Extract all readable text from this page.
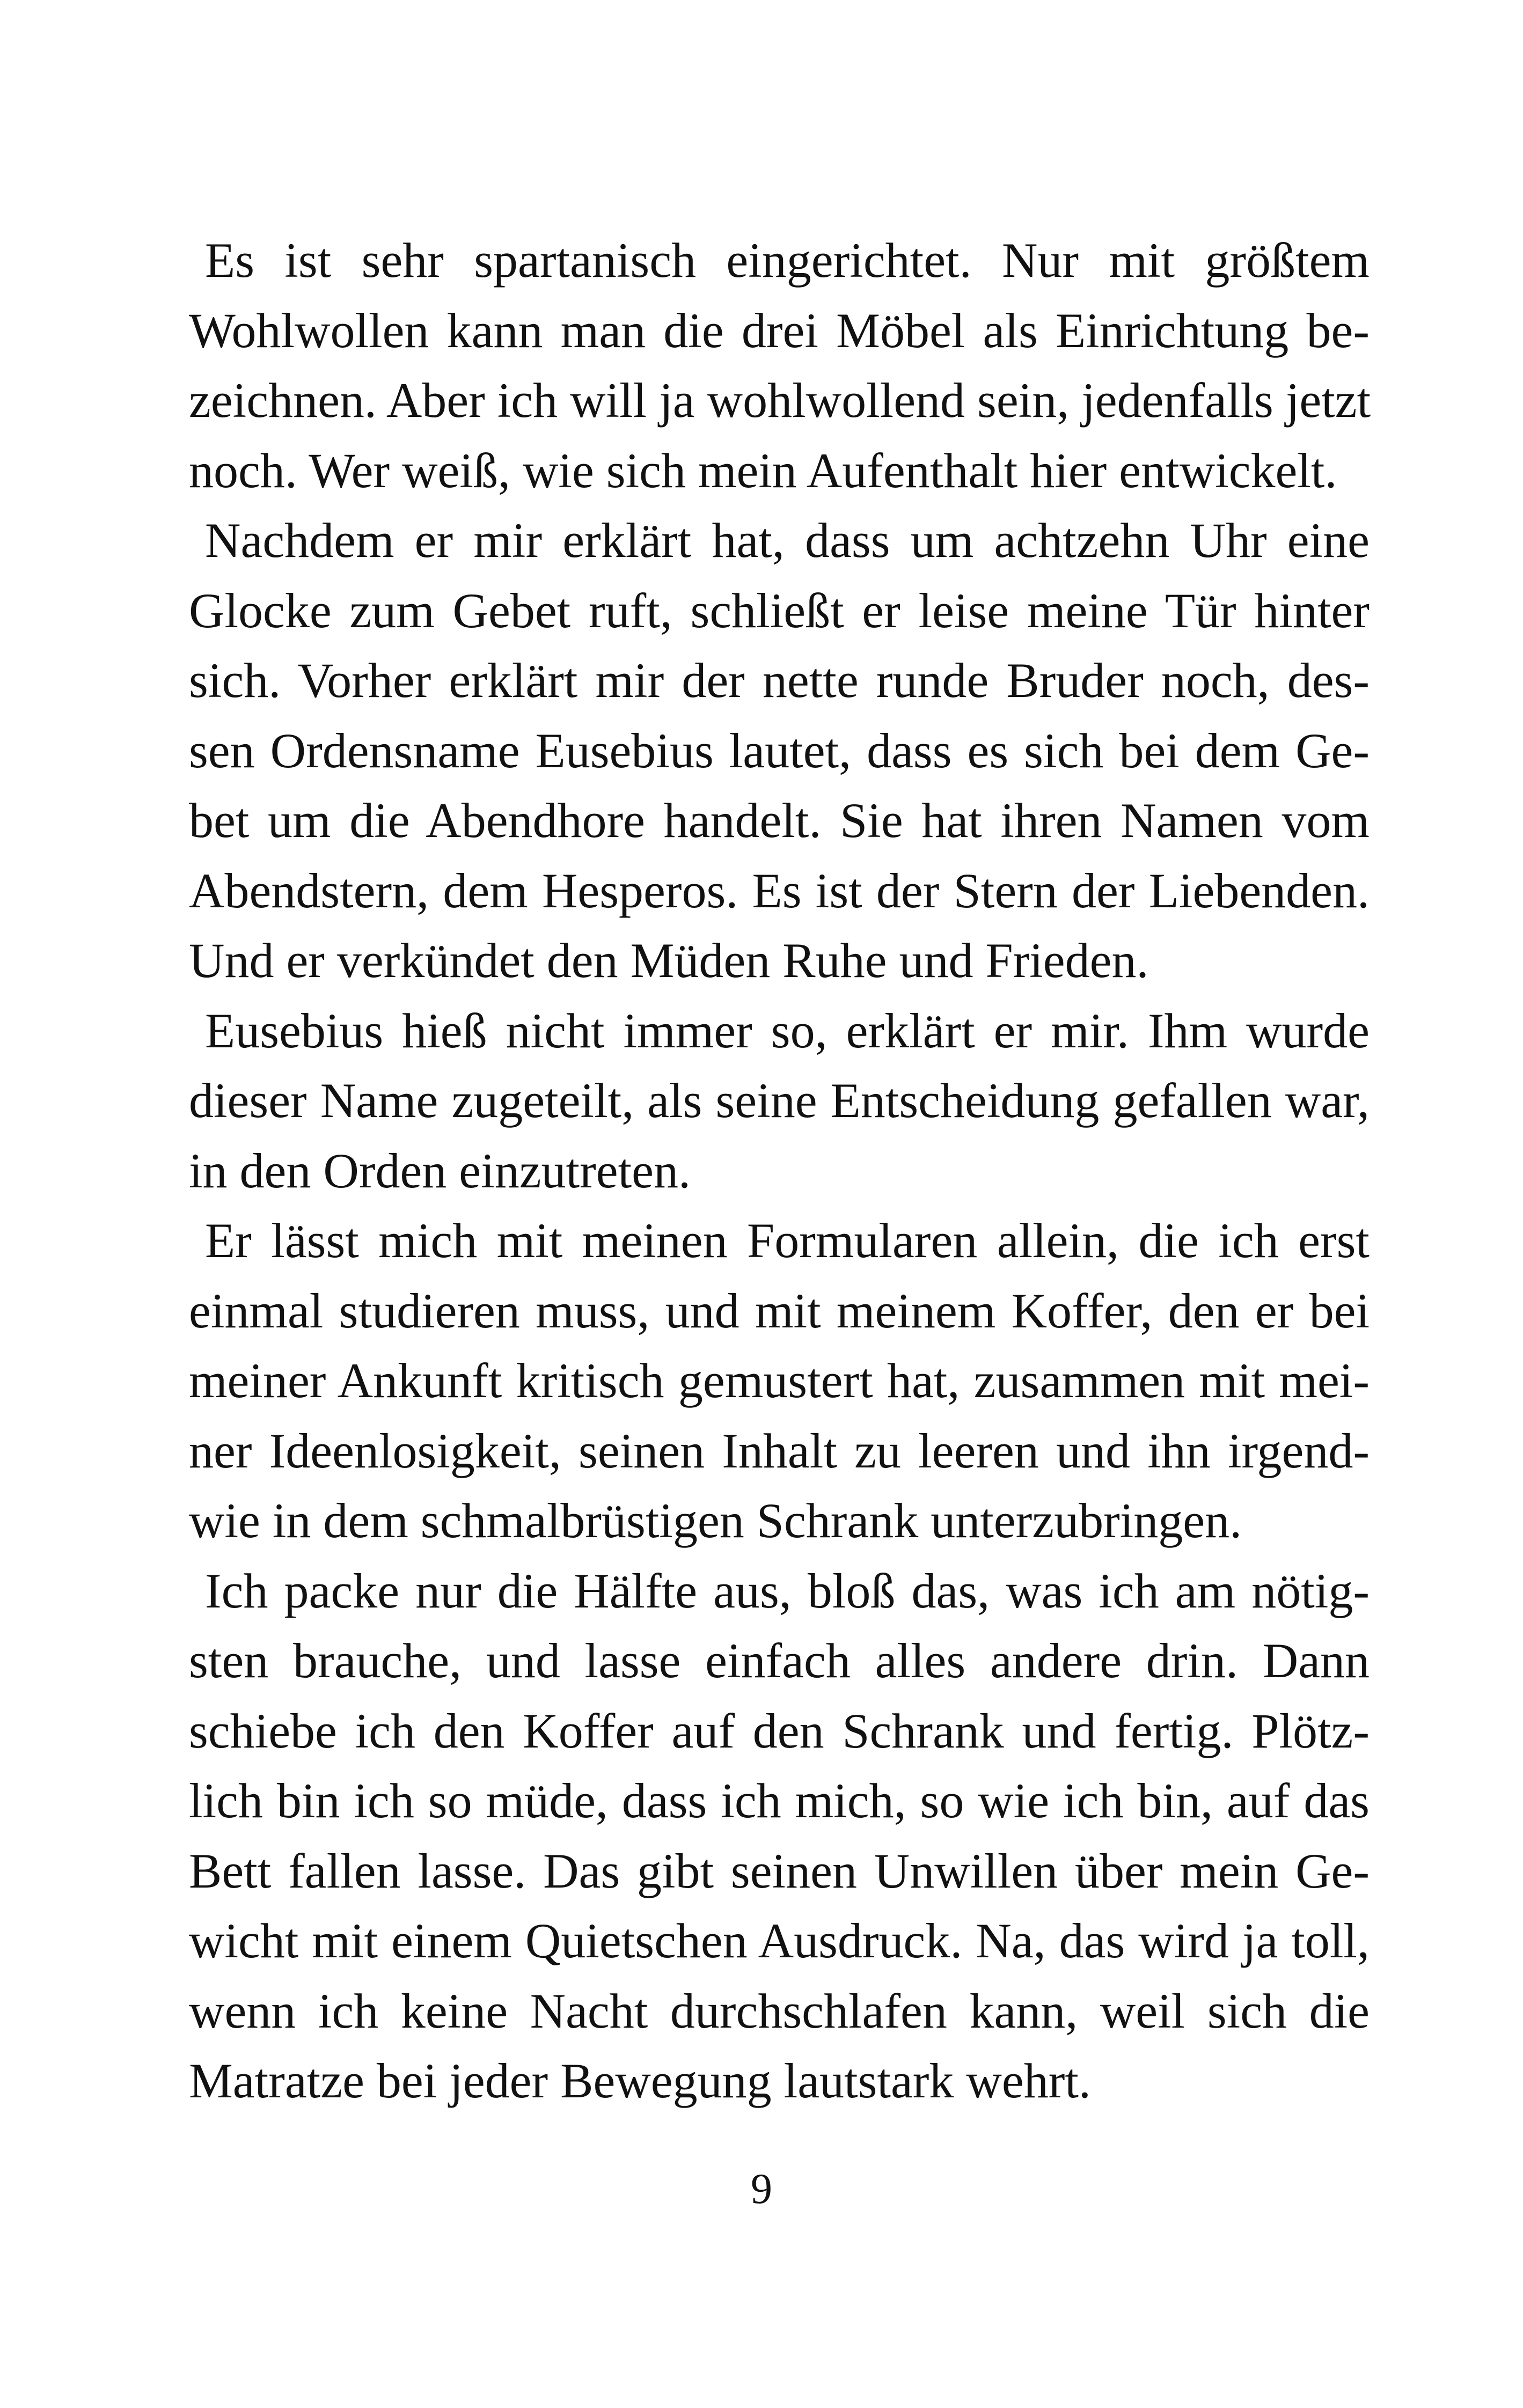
Es ist sehr spartanisch eingerichtet. Nur mit größtem
Wohlwollen kann man die drei Möbel als Einrichtung be-
zeichnen. Aber ich will ja wohlwollend sein, jedenfalls jetzt
noch. Wer weiß, wie sich mein Aufenthalt hier entwickelt.
Nachdem er mir erklärt hat, dass um achtzehn Uhr eine
Glocke zum Gebet ruft, schließt er leise meine Tür hinter
sich. Vorher erklärt mir der nette runde Bruder noch, des-
sen Ordensname Eusebius lautet, dass es sich bei dem Ge-
bet um die Abendhore handelt. Sie hat ihren Namen vom
Abendstern, dem Hesperos. Es ist der Stern der Liebenden.
Und er verkündet den Müden Ruhe und Frieden.
Eusebius hieß nicht immer so, erklärt er mir. Ihm wurde
dieser Name zugeteilt, als seine Entscheidung gefallen war,
in den Orden einzutreten.
Er lässt mich mit meinen Formularen allein, die ich erst
einmal studieren muss, und mit meinem Koffer, den er bei
meiner Ankunft kritisch gemustert hat, zusammen mit mei-
ner Ideenlosigkeit, seinen Inhalt zu leeren und ihn irgend-
wie in dem schmalbrüstigen Schrank unterzubringen.
Ich packe nur die Hälfte aus, bloß das, was ich am nötig-
sten brauche, und lasse einfach alles andere drin. Dann
schiebe ich den Koffer auf den Schrank und fertig. Plötz-
lich bin ich so müde, dass ich mich, so wie ich bin, auf das
Bett fallen lasse. Das gibt seinen Unwillen über mein Ge-
wicht mit einem Quietschen Ausdruck. Na, das wird ja toll,
wenn ich keine Nacht durchschlafen kann, weil sich die
Matratze bei jeder Bewegung lautstark wehrt.
9
